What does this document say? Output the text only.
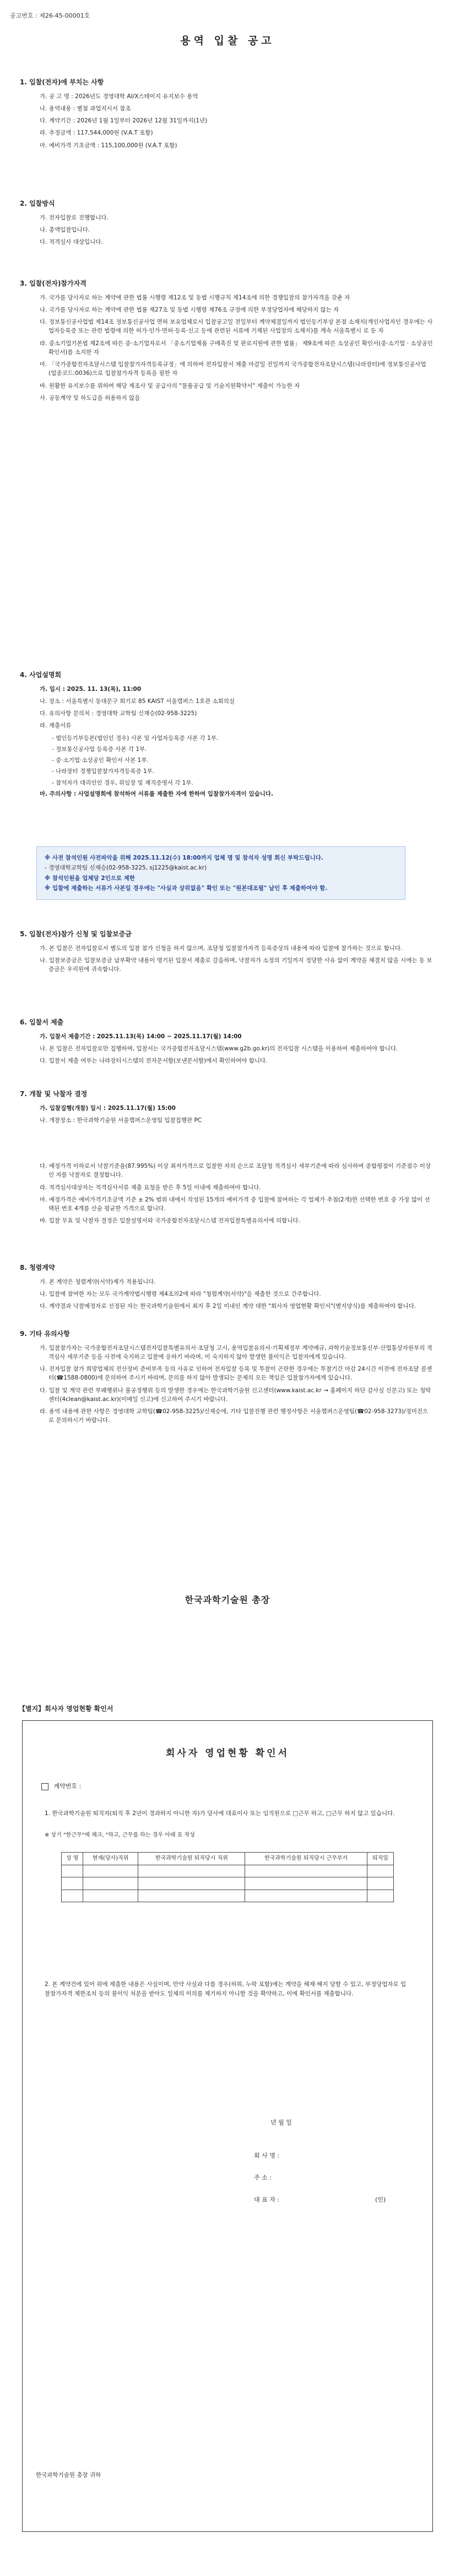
공고번호 : 제26-45-00001호
용역 입찰 공고
1. 입찰(전자)에 부치는 사항
가. 공 고 명 : 2026년도 경영대학 AI/X스테이지 유지보수 용역
나. 용역내용 : 별첨 과업지시서 참조
다. 계약기간 : 2026년 1월 1일부터 2026년 12월 31일까지(1년)
라. 추정금액 : 117,544,000원 (V.A.T 포함)
마. 예비가격 기초금액 : 115,100,000원 (V.A.T 포함)
2. 입찰방식
가. 전자입찰로 진행합니다.
나. 총액입찰입니다.
다. 적격심사 대상입니다.
3. 입찰(전자)참가자격
가. 국가를 당사자로 하는 계약에 관한 법률 시행령 제12조 및 동법 시행규칙 제14조에 의한 경쟁입찰의 참가자격을 갖춘 자
나. 국가를 당사자로 하는 계약에 관한 법률 제27조 및 동법 시행령 제76조 규정에 의한 부정당업자에 해당하지 않는 자
다. 정보통신공사업법 제14조 정보통신공사업 면허 보유업체로서 입찰공고일 전일부터 계약체결일까지 법인등기부상 본점 소재지(개인사업자인 경우에는 사업자등록증 또는 관련 법령에 의한 허가·인가·면허·등록·신고 등에 관련된 서류에 기재된 사업장의 소재지)를 계속 서울특별시 로 둔 자
라. 중소기업기본법 제2조에 따른 중·소기업자로서 「중소기업제품 구매촉진 및 판로지원에 관한 법률」 제9조에 따른 소상공인 확인서(중·소기업 · 소상공인 확인서)를 소지한 자
마. 「국가종합전자조달시스템 입찰참가자격등록규정」에 의하여 전자입찰서 제출 마감일 전일까지 국가종합전자조달시스템(나라장터)에 정보통신공사업(업종코드:0036)으로 입찰참가자격 등록을 필한 자
바. 원활한 유지보수를 위하여 해당 제조사 및 공급사의 "물품공급 및 기술지원확약서" 제출이 가능한 자
사. 공동계약 및 하도급을 허용하지 않음
4. 사업설명회
가. 일시 : 2025. 11. 13(목), 11:00
나. 장소 : 서울특별시 동대문구 회기로 85 KAIST 서울캠퍼스 1호관 소회의실
다. 유의사항 문의처 : 경영대학 교학팀 신재승(02-958-3225)
라. 제출서류
- 법인등기부등본(법인인 경우) 사본 및 사업자등록증 사본 각 1부.
- 정보통신공사업 등록증 사본 각 1부.
- 중·소기업·소상공인 확인서 사본 1부.
- 나라장터 경쟁입찰참가자격등록증 1부.
- 참석자가 대리인인 경우, 위임장 및 재직증명서 각 1부.
마. 주의사항 : 사업설명회에 참석하여 서류를 제출한 자에 한하여 입찰참가자격이 있습니다.
※ 사전 참석인원 사전파악을 위해 2025.11.12(수) 18:00까지 업체 명 및 참석자 성명 회신 부탁드립니다.
- 경영대학교학팀 신재승(02-958-3225, sj1225@kaist.ac.kr)
※ 참석인원을 업체당 2인으로 제한
※ 입찰에 제출하는 서류가 사본일 경우에는 "사실과 상위없음" 확인 또는 "원본대조필" 날인 후 제출하여야 함.
5. 입찰(전자)참가 신청 및 입찰보증금
가. 본 입찰은 전자입찰로서 별도의 입찰 참가 신청을 하지 않으며, 조달청 입찰참가자격 등록증상의 내용에 따라 입찰에 참가하는 것으로 합니다.
나. 입찰보증금은 입찰보증금 납부확약 내용이 명기된 입찰서 제출로 갈음하며, 낙찰자가 소정의 기일까지 정당한 사유 없이 계약을 체결치 않을 시에는 동 보증금은 우리원에 귀속합니다.
6. 입찰서 제출
가. 입찰서 제출기간 : 2025.11.13(목) 14:00 ~ 2025.11.17(월) 14:00
나. 본 입찰은 전자입찰로만 집행하며, 입찰서는 국가종합전자조달시스템(www.g2b.go.kr)의 전자입찰 시스템을 이용하여 제출하여야 합니다.
다. 입찰서 제출 여부는 나라장터시스템의 전자문서함(보낸문서함)에서 확인하여야 합니다.
7. 개찰 및 낙찰자 결정
가. 입찰집행(개찰) 일시 : 2025.11.17(월) 15:00
나. 개찰장소 : 한국과학기술원 서울캠퍼스운영팀 입찰집행관 PC
다. 예정가격 이하로서 낙찰기준율(87.995%) 이상 최저가격으로 입찰한 자의 순으로 조달청 적격심사 세부기준에 따라 심사하여 종합평점이 기준점수 이상인 자를 낙찰자로 결정합니다.
라. 적격심사대상자는 적격심사서류 제출 요청을 받은 후 5일 이내에 제출하여야 합니다.
마. 예정가격은 예비가격기초금액 기준 ± 2% 범위 내에서 작성된 15개의 예비가격 중 입찰에 참여하는 각 업체가 추첨(2개)한 선택한 번호 중 가장 많이 선택된 번호 4개를 산술 평균한 가격으로 합니다.
바. 입찰 무효 및 낙찰자 결정은 입찰설명서와 국가종합전자조달시스템 전자입찰특별유의서에 의합니다.
8. 청렴계약
가. 본 계약은 청렴계약(서약)제가 적용됩니다.
나. 입찰에 참여한 자는 모두 국가계약법시행령 제4조의2에 따라 "청렴계약(서약)"을 제출한 것으로 간주합니다.
다. 계약결과 낙찰예정자로 선정된 자는 한국과학기술원에서 최지 후 2일 이내인 계약 대한 "회사자 영업현황 확인서"(별지양식)를 제출하여야 합니다.
9. 기타 유의사항
가. 입찰참가자는 국가종합전자조달시스템전자입찰특별유의서·조달청 고시, 용역입찰유의서·기획재정부 계약예규, 과학기술정보통신부·산업통상자원부의 적격심사 세부기준 등을 사전에 숙지하고 입찰에 응하기 바라며, 이 숙지하지 않아 발생한 불이익은 입찰자에게 있습니다.
나. 전자입찰 참가 희망업체의 전산장비 준비부족 등의 사유로 인하여 전자입찰 등록 및 투찰이 곤란한 경우에는 투찰기간 마감 24시간 이전에 전자조달 콜센터(☎1588-0800)에 문의하여 주시기 바라며, 문의를 하지 않아 발생되는 문제의 모든 책임은 입찰참가자에게 있습니다.
다. 입찰 및 계약 관련 부패행위나 불공정행위 등의 발생한 경우에는 한국과학기술원 신고센터(www.kaist.ac.kr → 홈페이지 하단 감사실 신문고) 또는 청탁센터(4clean@kaist.ac.kr)(이메일 신고)에 신고하여 주시기 바랍니다.
라. 용역 내용에 관한 사항은 경영대학 교학팀(☎02-958-3225)/신재승에, 기타 입찰진행 관련 행정사항은 서울캠퍼스운영팀(☎02-958-3273)/정미진으로 문의하시기 바랍니다.
한국과학기술원 총장
【별지】회사자 영업현황 확인서
회사자 영업현황 확인서
계약번호 :
1. 한국과학기술원 퇴직자(퇴직 후 2년이 경과하지 아니한 자)가 당사에 대표이사 또는 임직원으로 □근무 하고, □근무 하지 않고 있습니다.
※ 상기 "한근무"에 체크, "하고, 근무를 하는 경우 아래 표 작성
성 명	현재(당사)직위	한국과학기술원 퇴직당시 직위	한국과학기술원 퇴직당시 근무부서	퇴직일

2. 본 계약건에 있어 위에 제출한 내용은 사실이며, 만약 사실과 다를 경우(허위, 누락 포함)에는 계약을 해제·해지 당할 수 있고, 부정당업자로 입찰참가자격 제한조치 등의 불이익 처분을 받아도 일체의 이의를 제기하지 아니할 것을 확약하고, 이에 확인서를 제출합니다.
년 월 일
회 사 명 :
주 소 :
대 표 자 :	(인)
한국과학기술원 총장 귀하
